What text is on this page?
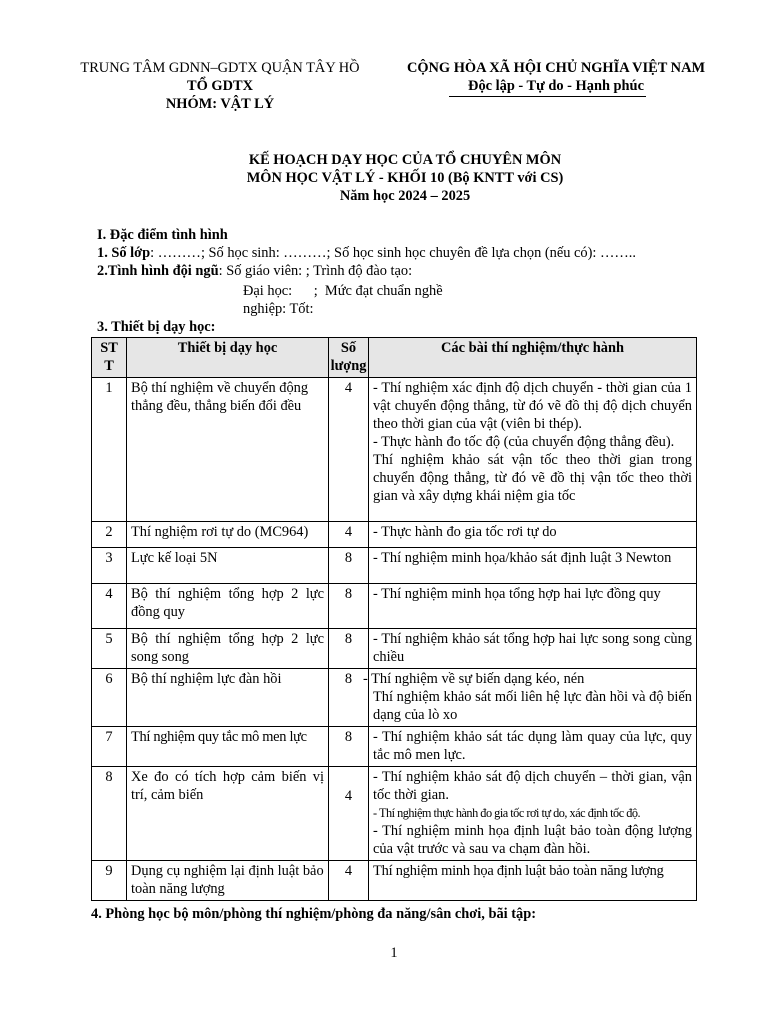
TRUNG TÂM GDNN–GDTX QUẬN TÂY HỒ
TỔ GDTX
NHÓM: VẬT LÝ
CỘNG HÒA XÃ HỘI CHỦ NGHĨA VIỆT NAM
Độc lập - Tự do - Hạnh phúc
KẾ HOẠCH DẠY HỌC CỦA TỔ CHUYÊN MÔN
MÔN HỌC VẬT LÝ - KHỐI 10 (Bộ KNTT với CS)
Năm học 2024 – 2025
I. Đặc điểm tình hình
1. Số lớp: ………; Số học sinh: ………; Số học sinh học chuyên đề lựa chọn (nếu có): ……..
2.Tình hình đội ngũ: Số giáo viên: ; Trình độ đào tạo:
Đại học:      ;  Mức đạt chuẩn nghề
nghiệp: Tốt:
3. Thiết bị dạy học:
STT	Thiết bị dạy học	Số lượng	Các bài thí nghiệm/thực hành
1	Bộ thí nghiệm về chuyển động thẳng đều, thẳng biến đổi đều	4	- Thí nghiệm xác định độ dịch chuyển - thời gian của 1 vật chuyển động thẳng, từ đó vẽ đồ thị độ dịch chuyển theo thời gian của vật (viên bi thép).
- Thực hành đo tốc độ (của chuyển động thẳng đều).
Thí nghiệm khảo sát vận tốc theo thời gian trong chuyển động thẳng, từ đó vẽ đồ thị vận tốc theo thời gian và xây dựng khái niệm gia tốc

2	Thí nghiệm rơi tự do (MC964)	4	- Thực hành đo gia tốc rơi tự do
3	Lực kế loại 5N	8	- Thí nghiệm minh họa/khảo sát định luật 3 Newton
4	Bộ thí nghiệm tổng hợp 2 lực đồng quy	8	- Thí nghiệm minh họa tổng hợp hai lực đồng quy
5	Bộ thí nghiệm tổng hợp 2 lực song song	8	- Thí nghiệm khảo sát tổng hợp hai lực song song cùng chiều
6	Bộ thí nghiệm lực đàn hồi	8	- Thí nghiệm về sự biến dạng kéo, nén
Thí nghiệm khảo sát mối liên hệ lực đàn hồi và độ biến dạng của lò xo

7	Thí nghiệm quy tắc mô men lực	8	- Thí nghiệm khảo sát tác dụng làm quay của lực, quy tắc mô men lực.
8	Xe đo có tích hợp cảm biến vị trí, cảm biến	4	- Thí nghiệm khảo sát độ dịch chuyển – thời gian, vận tốc thời gian.
- Thí nghiệm thực hành đo gia tốc rơi tự do, xác định tốc độ.
- Thí nghiệm minh họa định luật bảo toàn động lượng của vật trước và sau va chạm đàn hồi.

9	Dụng cụ nghiệm lại định luật bảo toàn năng lượng	4	Thí nghiệm minh họa định luật bảo toàn năng lượng
4. Phòng học bộ môn/phòng thí nghiệm/phòng đa năng/sân chơi, bãi tập:
1
